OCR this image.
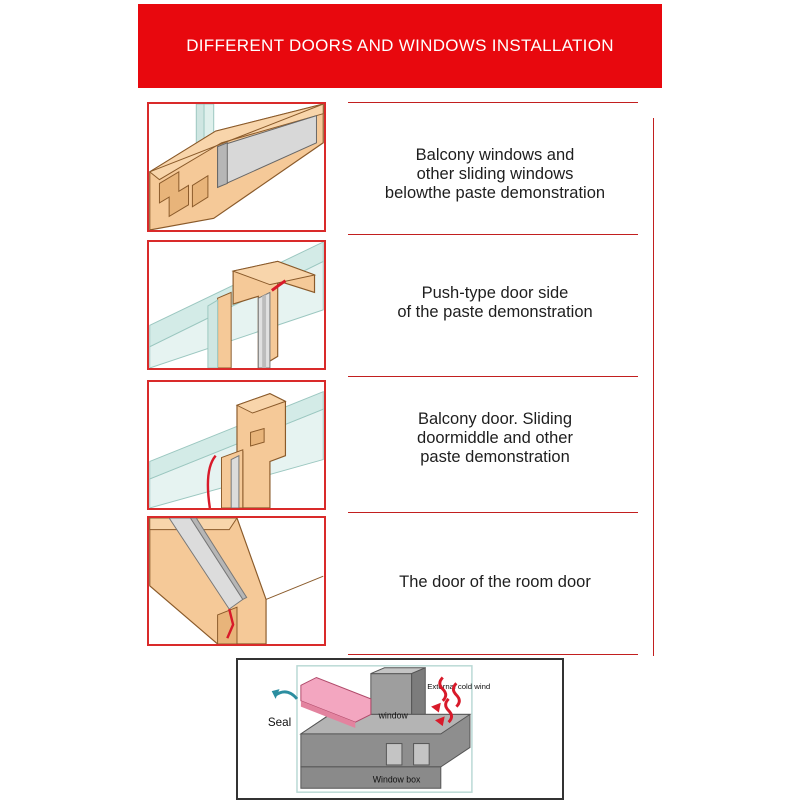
DIFFERENT DOORS AND WINDOWS INSTALLATION
Balcony windows and
other sliding windows
belowthe paste demonstration
Push-type door side
of the paste demonstration
Balcony door. Sliding
doormiddle and other
paste demonstration
The door of the room door
Seal
window
External cold wind
Window box
